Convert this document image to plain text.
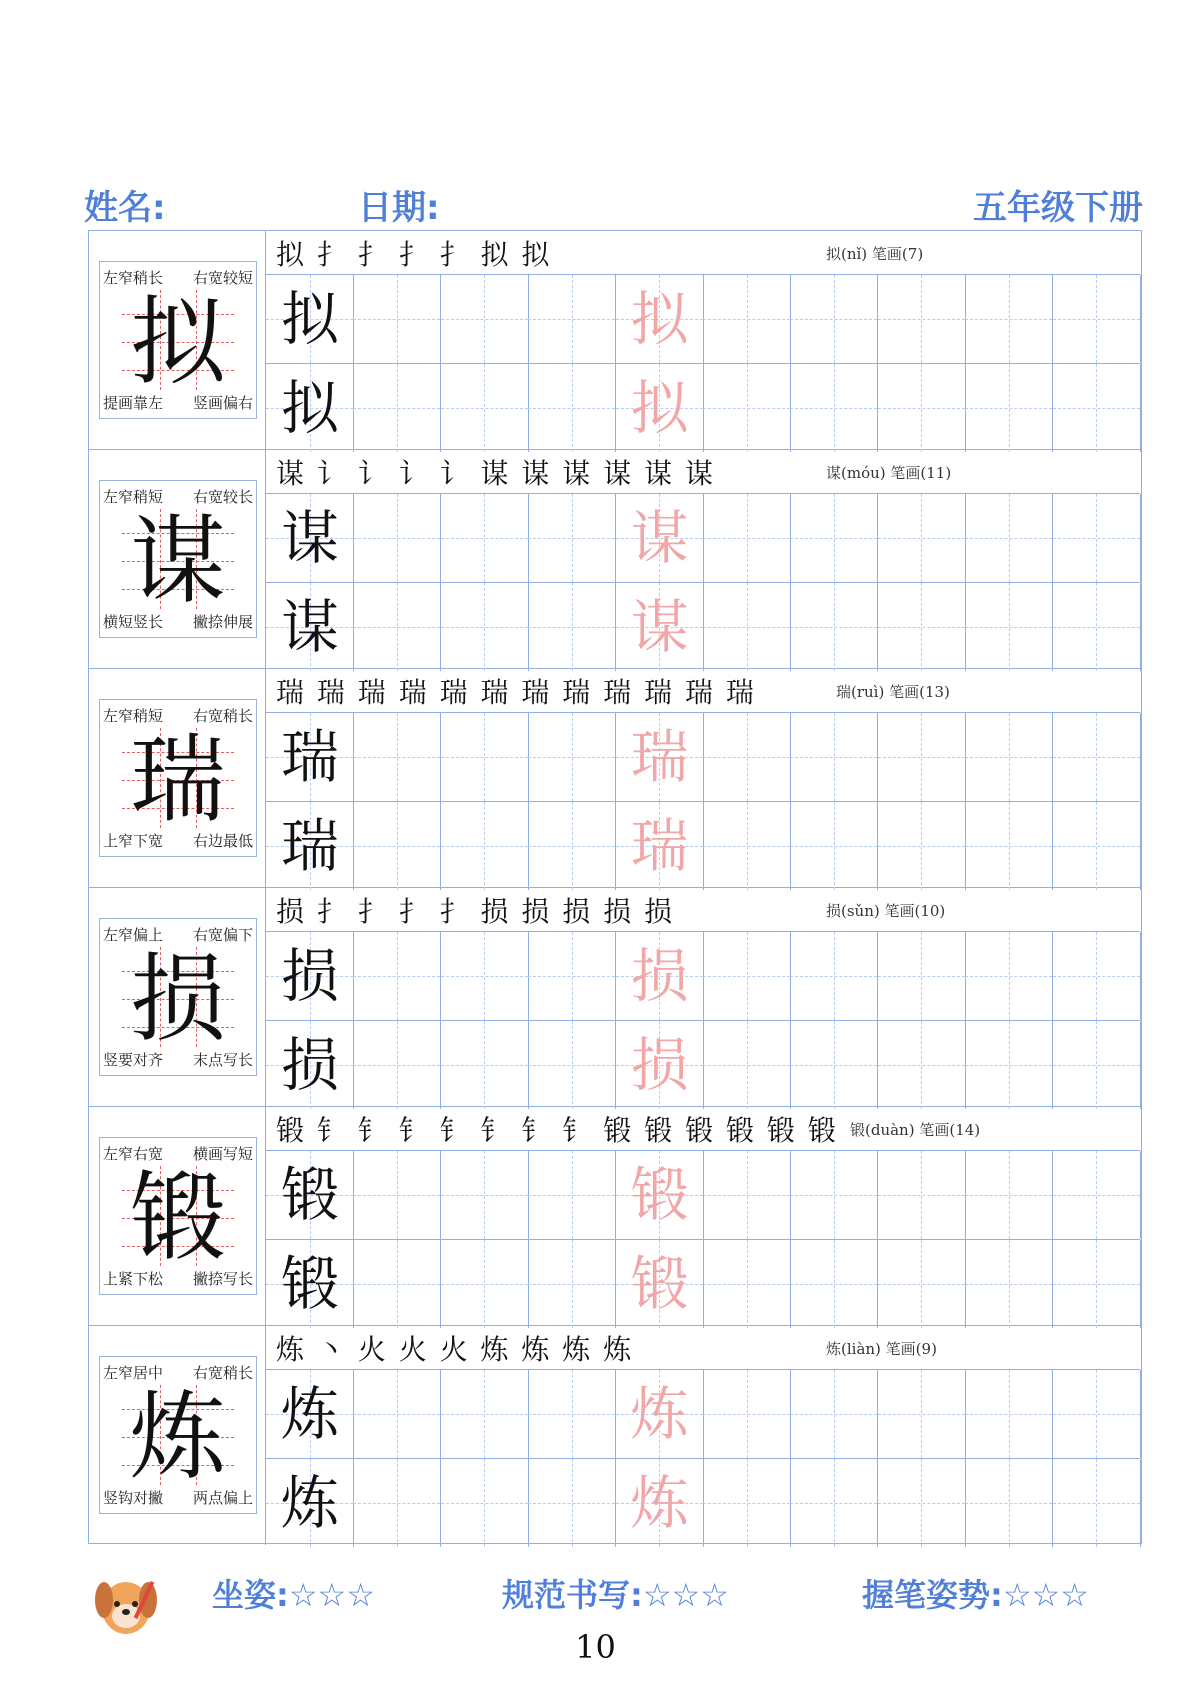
姓名:	日期:	五年级下册
左窄稍长 右宽较短
提画靠左 竖画偏右
拟
拟 扌 扌 扌 扌 拟 拟	拟(nǐ) 笔画(7)
拟	拟
拟	拟
左窄稍短 右宽较长
横短竖长 撇捺伸展
谋
谋 讠 讠 讠 讠 谋 谋 谋 谋 谋 谋	谋(móu) 笔画(11)
谋	谋
谋	谋
左窄稍短 右宽稍长
上窄下宽 右边最低
瑞
瑞 瑞 瑞 瑞 瑞 瑞 瑞 瑞 瑞 瑞 瑞 瑞	瑞(ruì) 笔画(13)
瑞	瑞
瑞	瑞
左窄偏上 右宽偏下
竖要对齐 末点写长
损
损 扌 扌 扌 扌 损 损 损 损 损	损(sǔn) 笔画(10)
损	损
损	损
左窄右宽 横画写短
上紧下松 撇捺写长
锻
锻 钅 钅 钅 钅 钅 钅 钅 锻 锻 锻 锻 锻 锻 锻(duàn) 笔画(14)
锻	锻
锻	锻
左窄居中 右宽稍长
竖钩对撇 两点偏上
炼
炼 丶 火 火 火 炼 炼 炼 炼	炼(liàn) 笔画(9)
炼	炼
炼	炼
坐姿:☆☆☆	规范书写:☆☆☆	握笔姿势:☆☆☆
10
